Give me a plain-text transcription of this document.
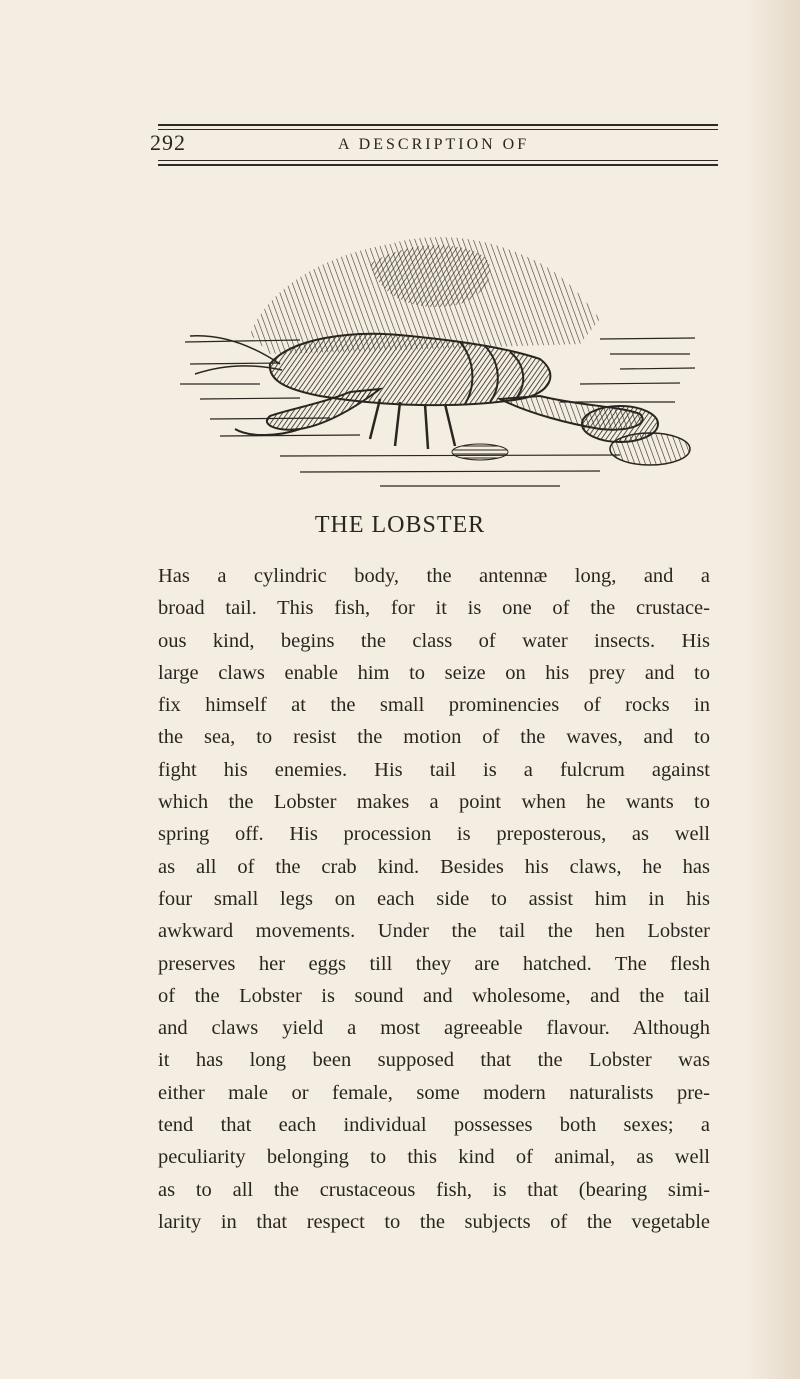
292	A DESCRIPTION OF
THE LOBSTER
Has a cylindric body, the antennæ long, and a
broad tail. This fish, for it is one of the crustace-
ous kind, begins the class of water insects. His
large claws enable him to seize on his prey and to
fix himself at the small prominencies of rocks in
the sea, to resist the motion of the waves, and to
fight his enemies. His tail is a fulcrum against
which the Lobster makes a point when he wants to
spring off. His procession is preposterous, as well
as all of the crab kind. Besides his claws, he has
four small legs on each side to assist him in his
awkward movements. Under the tail the hen Lobster
preserves her eggs till they are hatched. The flesh
of the Lobster is sound and wholesome, and the tail
and claws yield a most agreeable flavour. Although
it has long been supposed that the Lobster was
either male or female, some modern naturalists pre-
tend that each individual possesses both sexes; a
peculiarity belonging to this kind of animal, as well
as to all the crustaceous fish, is that (bearing simi-
larity in that respect to the subjects of the vegetable
